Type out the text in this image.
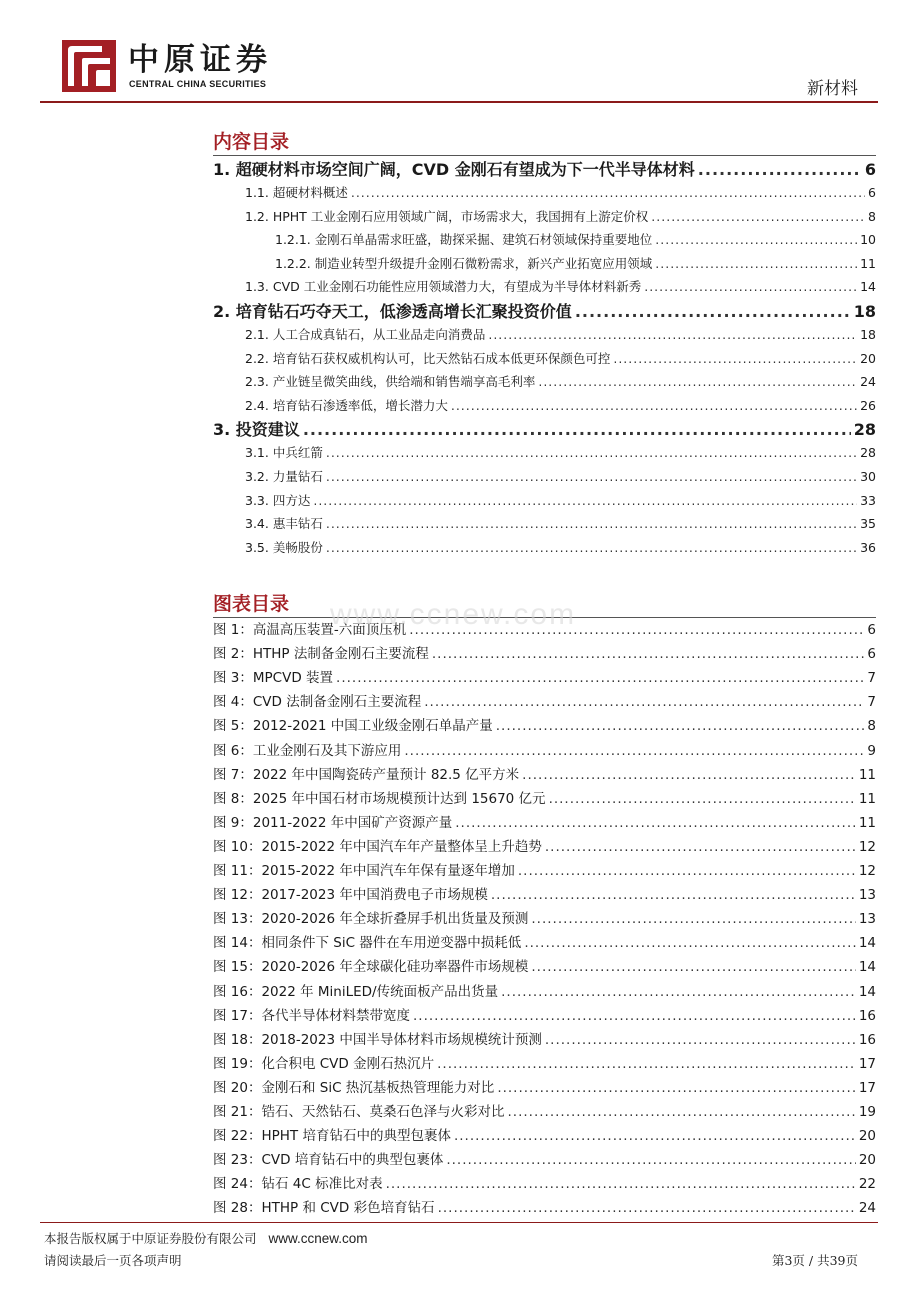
中原证券
CENTRAL CHINA SECURITIES	新材料
内容目录
1. 超硬材料市场空间广阔，CVD 金刚石有望成为下一代半导体材料 .....	6
1.1. 超硬材料概述 .....	6
1.2. HPHT 工业金刚石应用领域广阔，市场需求大，我国拥有上游定价权 .....	8
1.2.1. 金刚石单晶需求旺盛，勘探采掘、建筑石材领域保持重要地位 .....	10
1.2.2. 制造业转型升级提升金刚石微粉需求，新兴产业拓宽应用领域 .....	11
1.3. CVD 工业金刚石功能性应用领域潜力大，有望成为半导体材料新秀 .....	14
2. 培育钻石巧夺天工，低渗透高增长汇聚投资价值 .....	18
2.1. 人工合成真钻石，从工业品走向消费品 .....	18
2.2. 培育钻石获权威机构认可，比天然钻石成本低更环保颜色可控 .....	20
2.3. 产业链呈微笑曲线，供给端和销售端享高毛利率 .....	24
2.4. 培育钻石渗透率低，增长潜力大 .....	26
3. 投资建议 .....	28
3.1. 中兵红箭 .....	28
3.2. 力量钻石 .....	30
3.3. 四方达 .....	33
3.4. 惠丰钻石 .....	35
3.5. 美畅股份 .....	36
图表目录
图 1：高温高压装置-六面顶压机 .....	6
图 2：HTHP 法制备金刚石主要流程 .....	6
图 3：MPCVD 装置 .....	7
图 4：CVD 法制备金刚石主要流程 .....	7
图 5：2012-2021 中国工业级金刚石单晶产量 .....	8
图 6：工业金刚石及其下游应用 .....	9
图 7：2022 年中国陶瓷砖产量预计 82.5 亿平方米 .....	11
图 8：2025 年中国石材市场规模预计达到 15670 亿元 .....	11
图 9：2011-2022 年中国矿产资源产量 .....	11
图 10：2015-2022 年中国汽车年产量整体呈上升趋势 .....	12
图 11：2015-2022 年中国汽车年保有量逐年增加 .....	12
图 12：2017-2023 年中国消费电子市场规模 .....	13
图 13：2020-2026 年全球折叠屏手机出货量及预测 .....	13
图 14：相同条件下 SiC 器件在车用逆变器中损耗低 .....	14
图 15：2020-2026 年全球碳化硅功率器件市场规模 .....	14
图 16：2022 年 MiniLED/传统面板产品出货量 .....	14
图 17：各代半导体材料禁带宽度 .....	16
图 18：2018-2023 中国半导体材料市场规模统计预测 .....	16
图 19：化合积电 CVD 金刚石热沉片 .....	17
图 20：金刚石和 SiC 热沉基板热管理能力对比 .....	17
图 21：锆石、天然钻石、莫桑石色泽与火彩对比 .....	19
图 22：HPHT 培育钻石中的典型包裹体 .....	20
图 23：CVD 培育钻石中的典型包裹体 .....	20
图 24：钻石 4C 标准比对表 .....	22
图 28：HTHP 和 CVD 彩色培育钻石 .....	24
www.ccnew.com
本报告版权属于中原证券股份有限公司 www.ccnew.com
请阅读最后一页各项声明	第3页 / 共39页
